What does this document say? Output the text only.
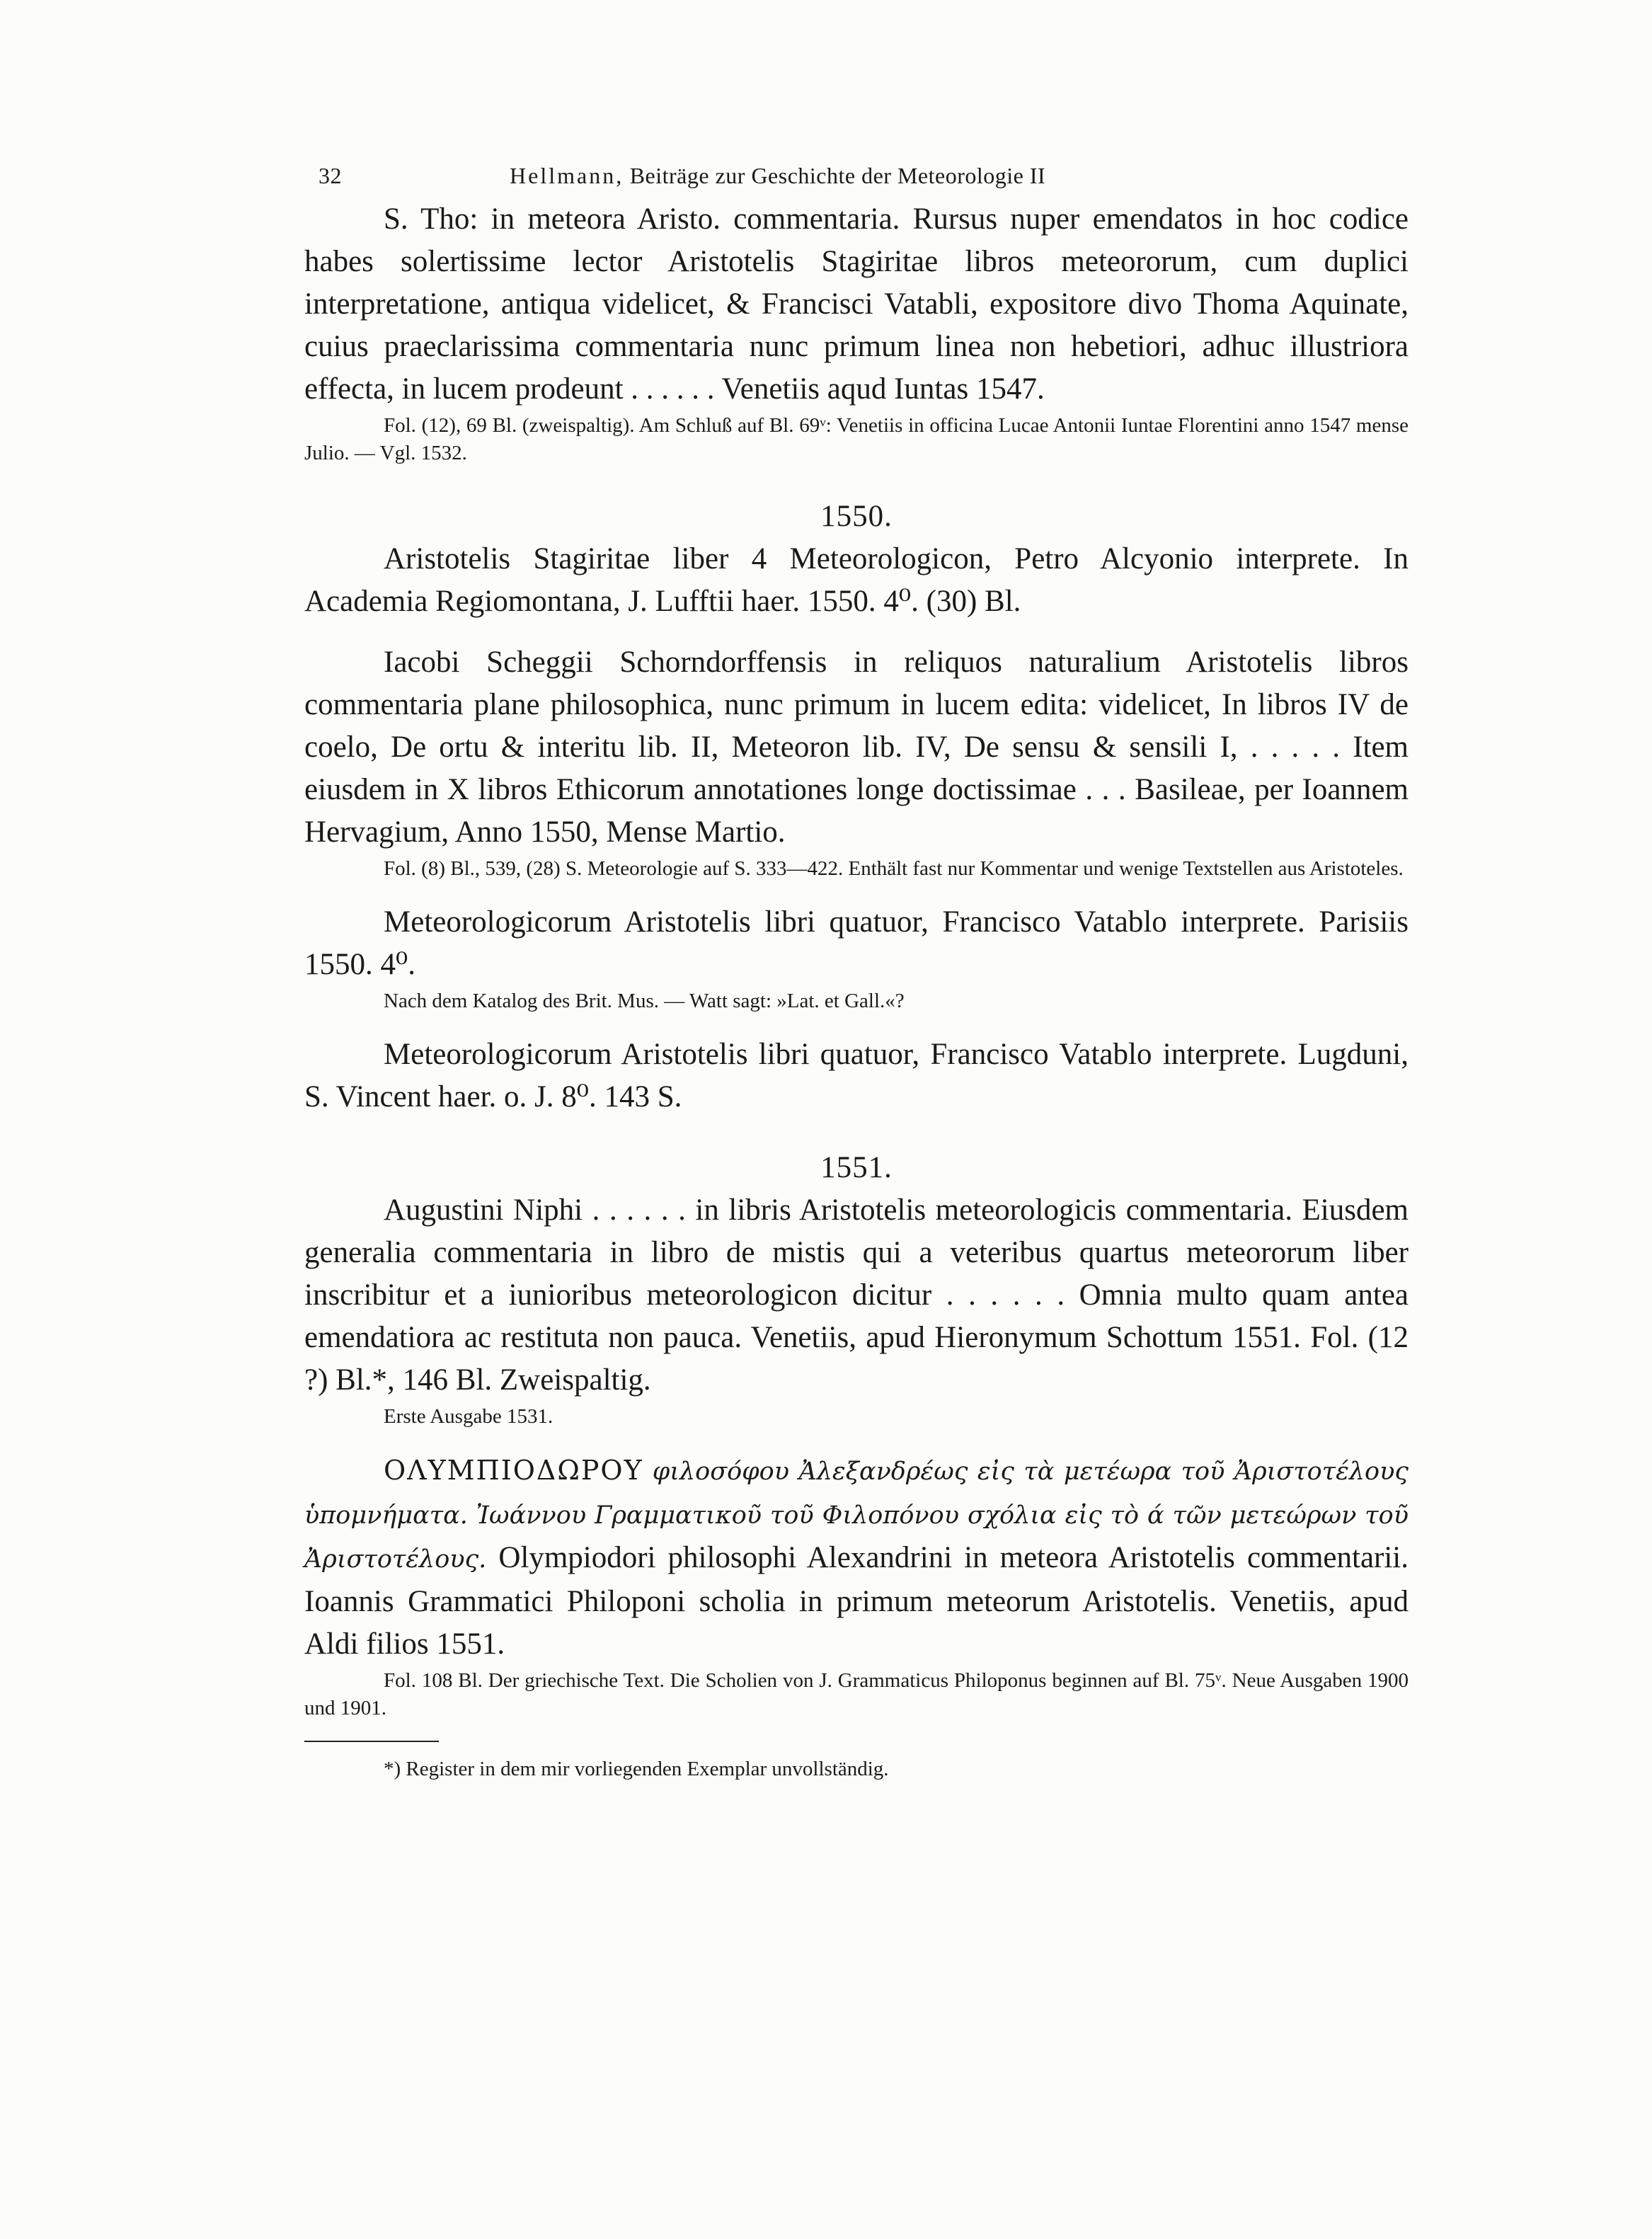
32	Hellmann, Beiträge zur Geschichte der Meteorologie II

S. Tho: in meteora Aristo. commentaria. Rursus nuper emendatos in hoc codice habes solertissime lector Aristotelis Stagiritae libros meteororum, cum duplici interpretatione, antiqua videlicet, & Francisci Vatabli, expositore divo Thoma Aquinate, cuius praeclarissima commentaria nunc primum linea non hebetiori, adhuc illustriora effecta, in lucem prodeunt . . . . . . Venetiis aqud Iuntas 1547.

Fol. (12), 69 Bl. (zweispaltig). Am Schluß auf Bl. 69ᵛ: Venetiis in officina Lucae Antonii Iuntae Florentini anno 1547 mense Julio. — Vgl. 1532.

1550.

Aristotelis Stagiritae liber 4 Meteorologicon, Petro Alcyonio interprete. In Academia Regiomontana, J. Lufftii haer. 1550. 4⁰. (30) Bl.

Iacobi Scheggii Schorndorffensis in reliquos naturalium Aristotelis libros commentaria plane philosophica, nunc primum in lucem edita: videlicet, In libros IV de coelo, De ortu & interitu lib. II, Meteoron lib. IV, De sensu & sensili I, . . . . . Item eiusdem in X libros Ethicorum annotationes longe doctissimae . . . Basileae, per Ioannem Hervagium, Anno 1550, Mense Martio.

Fol. (8) Bl., 539, (28) S. Meteorologie auf S. 333—422. Enthält fast nur Kommentar und wenige Textstellen aus Aristoteles.

Meteorologicorum Aristotelis libri quatuor, Francisco Vatablo interprete. Parisiis 1550. 4⁰.

Nach dem Katalog des Brit. Mus. — Watt sagt: »Lat. et Gall.«?

Meteorologicorum Aristotelis libri quatuor, Francisco Vatablo interprete. Lugduni, S. Vincent haer. o. J. 8⁰. 143 S.

1551.

Augustini Niphi . . . . . . in libris Aristotelis meteorologicis commentaria. Eiusdem generalia commentaria in libro de mistis qui a veteribus quartus meteororum liber inscribitur et a iunioribus meteorologicon dicitur . . . . . . Omnia multo quam antea emendatiora ac restituta non pauca. Venetiis, apud Hieronymum Schottum 1551. Fol. (12 ?) Bl.*, 146 Bl. Zweispaltig.

Erste Ausgabe 1531.

ΟΛΥΜΠΙΟΔΩΡΟΥ φιλοσόφου Ἀλεξανδρέως εἰς τὰ μετέωρα τοῦ Ἀριστοτέλους ὑπομνήματα. Ἰωάννου Γραμματικοῦ τοῦ Φιλοπόνου σχόλια εἰς τὸ ά τῶν μετεώρων τοῦ Ἀριστοτέλους. Olympiodori philosophi Alexandrini in meteora Aristotelis commentarii. Ioannis Grammatici Philoponi scholia in primum meteorum Aristotelis. Venetiis, apud Aldi filios 1551.

Fol. 108 Bl. Der griechische Text. Die Scholien von J. Grammaticus Philoponus beginnen auf Bl. 75ᵛ. Neue Ausgaben 1900 und 1901.

*) Register in dem mir vorliegenden Exemplar unvollständig.
